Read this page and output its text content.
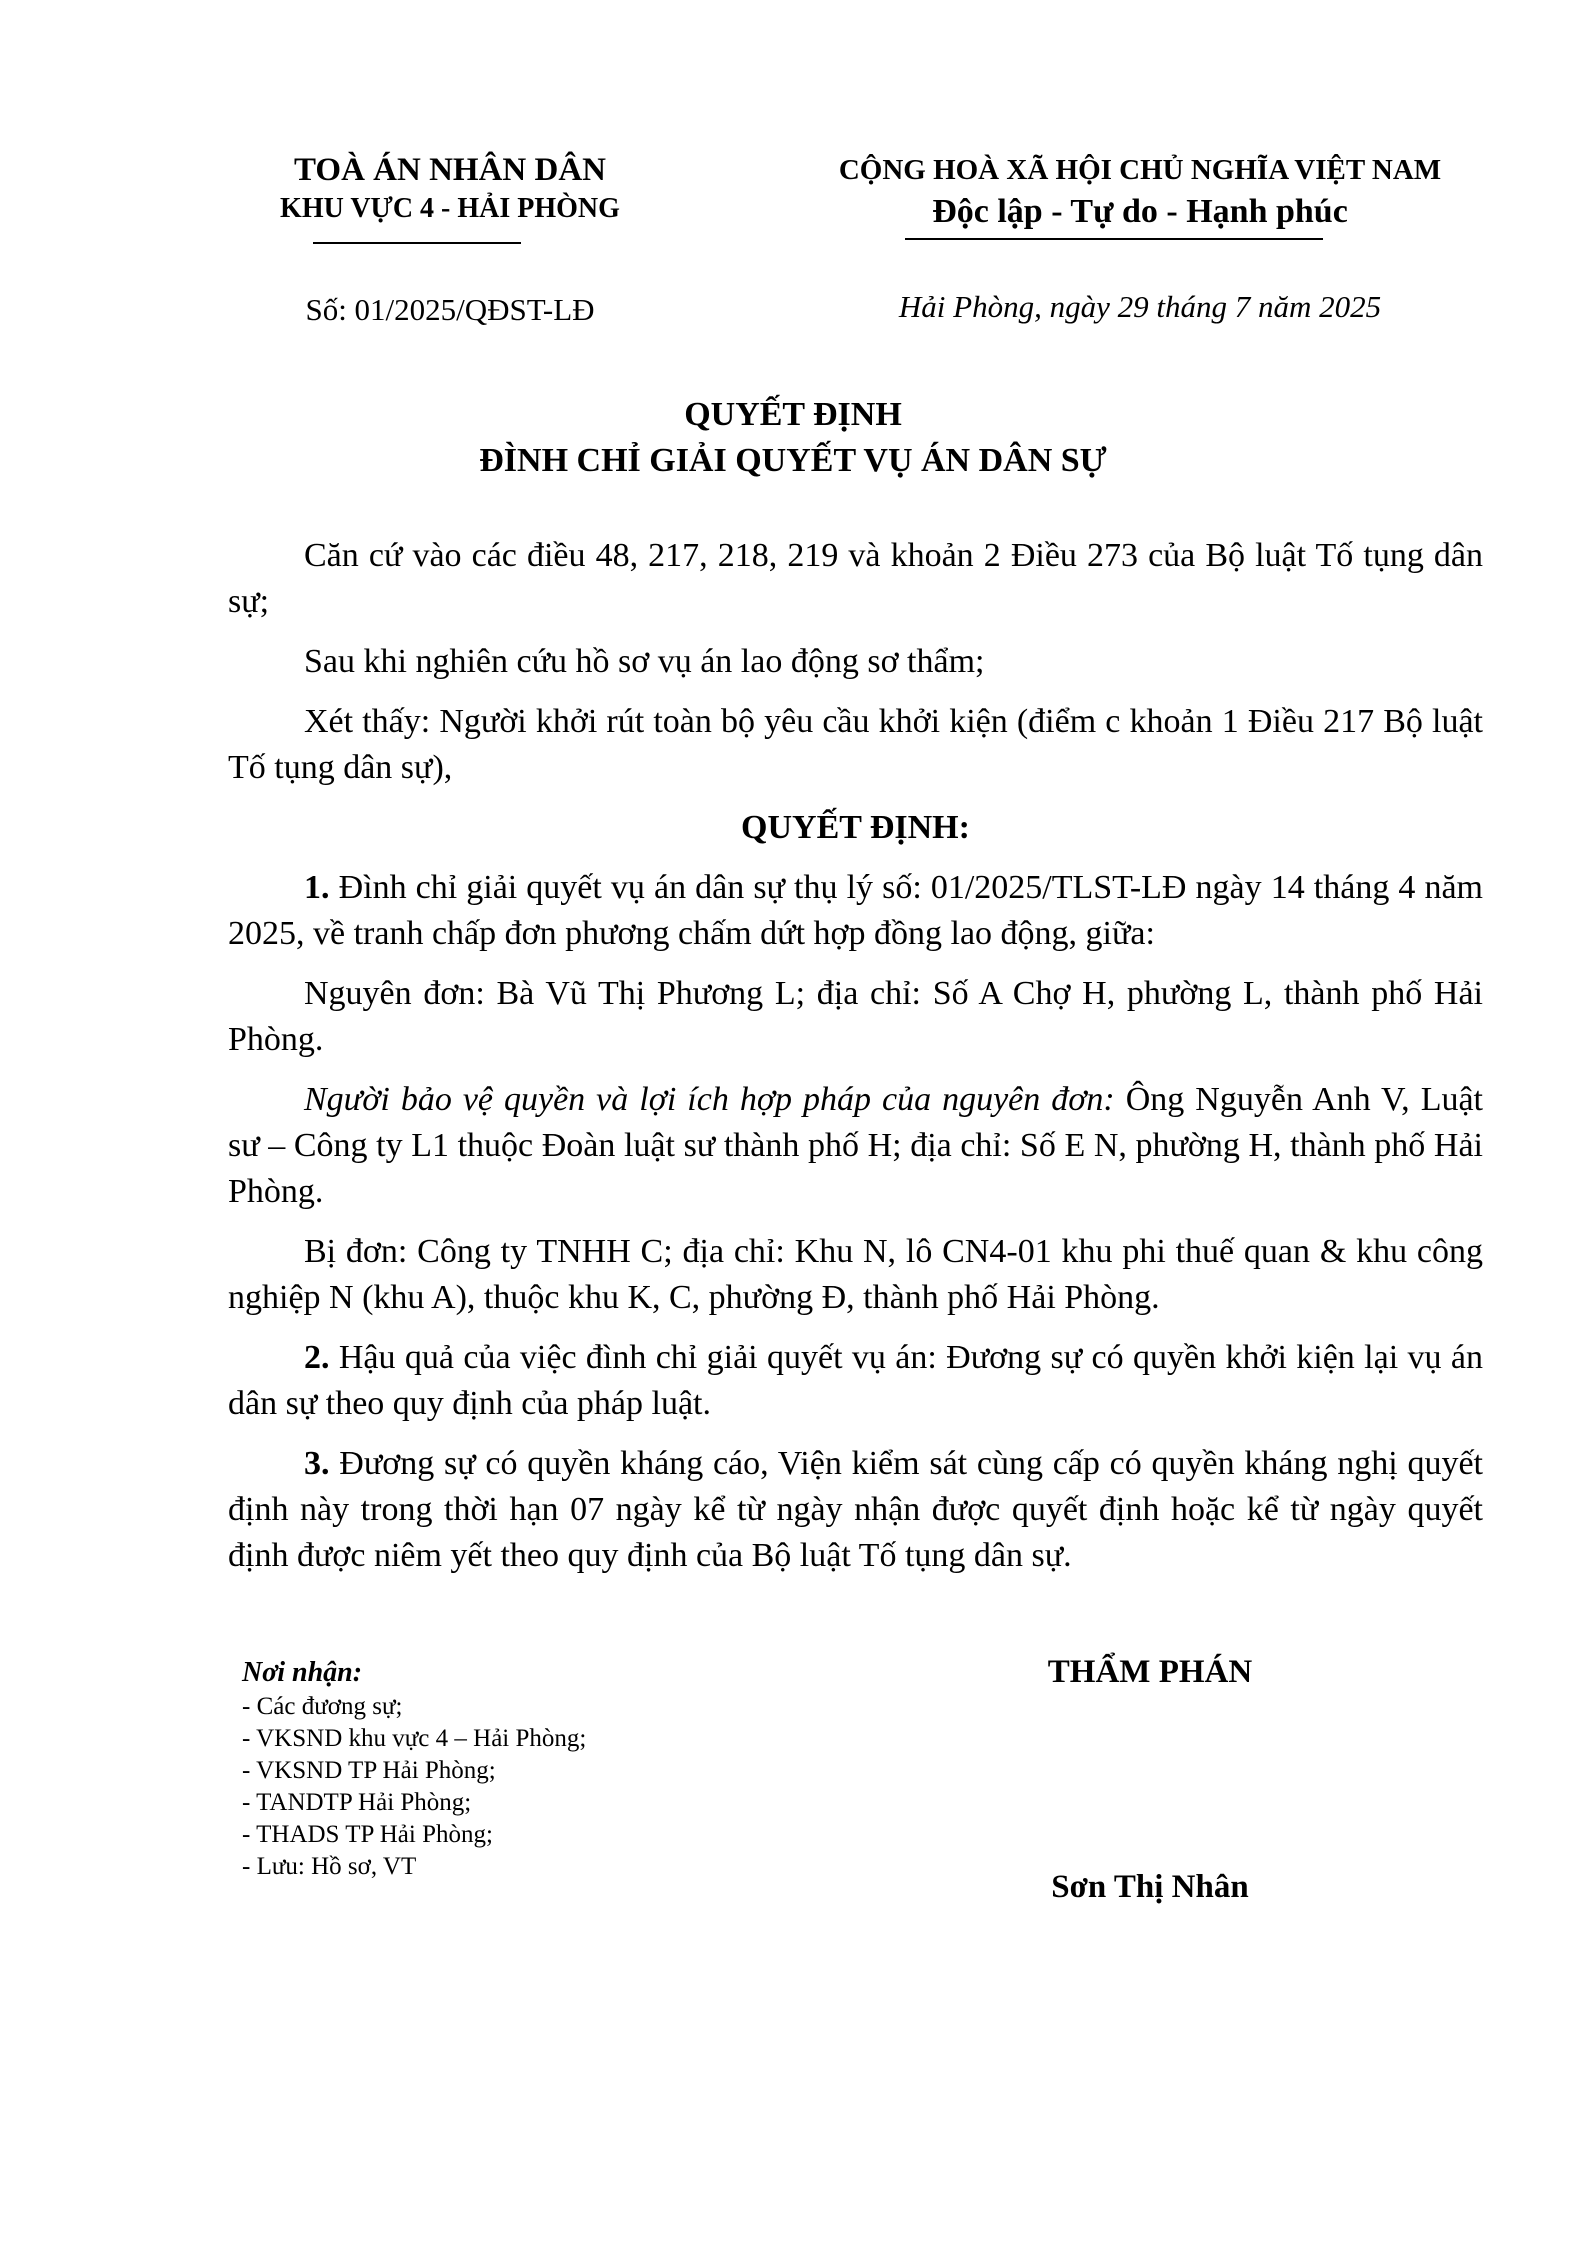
TOÀ ÁN NHÂN DÂN
KHU VỰC 4 - HẢI PHÒNG
CỘNG HOÀ XÃ HỘI CHỦ NGHĨA VIỆT NAM
Độc lập - Tự do - Hạnh phúc
Số: 01/2025/QĐST-LĐ	Hải Phòng, ngày 29 tháng 7 năm 2025
QUYẾT ĐỊNH
ĐÌNH CHỈ GIẢI QUYẾT VỤ ÁN DÂN SỰ

Căn cứ vào các điều 48, 217, 218, 219 và khoản 2 Điều 273 của Bộ luật Tố tụng dân sự;

Sau khi nghiên cứu hồ sơ vụ án lao động sơ thẩm;

Xét thấy: Người khởi rút toàn bộ yêu cầu khởi kiện (điểm c khoản 1 Điều 217 Bộ luật Tố tụng dân sự),

QUYẾT ĐỊNH:

1. Đình chỉ giải quyết vụ án dân sự thụ lý số: 01/2025/TLST-LĐ ngày 14 tháng 4 năm 2025, về tranh chấp đơn phương chấm dứt hợp đồng lao động, giữa:

Nguyên đơn: Bà Vũ Thị Phương L; địa chỉ: Số A Chợ H, phường L, thành phố Hải Phòng.

Người bảo vệ quyền và lợi ích hợp pháp của nguyên đơn: Ông Nguyễn Anh V, Luật sư – Công ty L1 thuộc Đoàn luật sư thành phố H; địa chỉ: Số E N, phường H, thành phố Hải Phòng.

Bị đơn: Công ty TNHH C; địa chỉ: Khu N, lô CN4-01 khu phi thuế quan & khu công nghiệp N (khu A), thuộc khu K, C, phường Đ, thành phố Hải Phòng.

2. Hậu quả của việc đình chỉ giải quyết vụ án: Đương sự có quyền khởi kiện lại vụ án dân sự theo quy định của pháp luật.

3. Đương sự có quyền kháng cáo, Viện kiểm sát cùng cấp có quyền kháng nghị quyết định này trong thời hạn 07 ngày kể từ ngày nhận được quyết định hoặc kể từ ngày quyết định được niêm yết theo quy định của Bộ luật Tố tụng dân sự.

Nơi nhận:
- Các đương sự;
- VKSND khu vực 4 – Hải Phòng;
- VKSND TP Hải Phòng;
- TANDTP Hải Phòng;
- THADS TP Hải Phòng;
- Lưu: Hồ sơ, VT
THẨM PHÁN
Sơn Thị Nhân
